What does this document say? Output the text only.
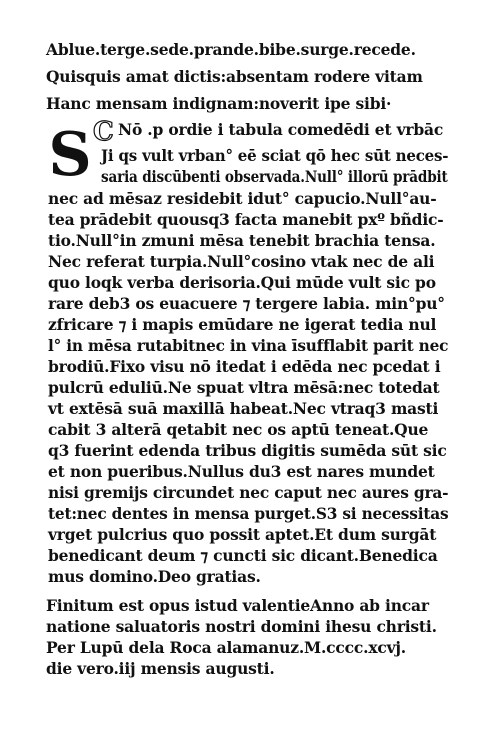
Ablue.terge.sede.prande.bibe.surge.recede.
Quisquis amat dictis:absentam rodere vitam
Hanc mensam indignam:noverit ipe sibi·
C
S Nō .p ordie i tabula comedēdi et vrbāc
Ji qs vult vrban° eē sciat qō hec sūt neces-
saria discūbenti observada.Null° illorū prādbit
nec ad mēsaz residebit idut° capucio.Null°au-
tea prādebit quousq3 facta manebit pxº bñdic-
tio.Null°in zmuni mēsa tenebit brachia tensa.
Nec referat turpia.Null°cosino vtak nec de ali
quo loqk verba derisoria.Qui mūde vult sic po
rare deb3 os euacuere ⁊ tergere labia. min°pu°
zfricare ⁊ i mapis emūdare ne igerat tedia nul
l° in mēsa rutabitnec in vina īsufflabit parit nec
brodiū.Fixo visu nō itedat i edēda nec pcedat i
pulcrū eduliū.Ne spuat vltra mēsā:nec totedat
vt extēsā suā maxillā habeat.Nec vtraq3 masti
cabit 3 alterā qetabit nec os aptū teneat.Que
q3 fuerint edenda tribus digitis sumēda sūt sic
et non pueribus.Nullus du3 est nares mundet
nisi gremijs circundet nec caput nec aures gra-
tet:nec dentes in mensa purget.S3 si necessitas
vrget pulcrius quo possit aptet.Et dum surgāt
benedicant deum ⁊ cuncti sic dicant.Benedica
mus domino.Deo gratias.
Finitum est opus istud valentieAnno ab incar
natione saluatoris nostri domini ihesu christi.
Per Lupū dela Roca alamanuz.M.cccc.xcvj.
die vero.iij mensis augusti.
